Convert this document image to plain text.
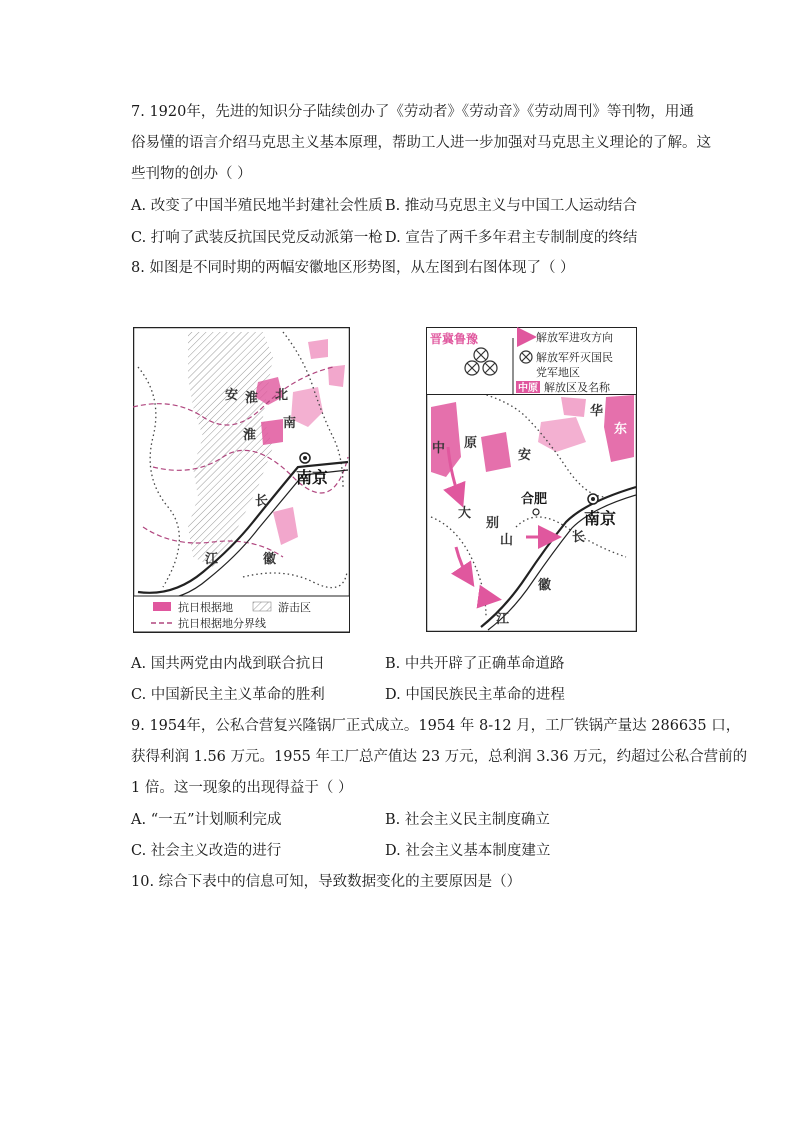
7. 1920年，先进的知识分子陆续创办了《劳动者》《劳动音》《劳动周刊》等刊物，用通
俗易懂的语言介绍马克思主义基本原理，帮助工人进一步加强对马克思主义理论的了解。这
些刊物的创办（ ）
A. 改变了中国半殖民地半封建社会性质 B. 推动马克思主义与中国工人运动结合
C. 打响了武装反抗国民党反动派第一枪 D. 宣告了两千多年君主专制制度的终结
8. 如图是不同时期的两幅安徽地区形势图，从左图到右图体现了（ ）
安 淮 北
南
淮
南京
长
江	徽
抗日根据地	游击区
抗日根据地分界线
晋冀鲁豫	解放军进攻方向
解放军歼灭国民
党军地区
中原 解放区及名称
中 原
安
华
东
合肥
南京
大
别
山	长
徽
江
A. 国共两党由内战到联合抗日	B. 中共开辟了正确革命道路
C. 中国新民主主义革命的胜利	D. 中国民族民主革命的进程
9. 1954年，公私合营复兴隆锅厂正式成立。1954 年 8-12 月，工厂铁锅产量达 286635 口，
获得利润 1.56 万元。1955 年工厂总产值达 23 万元，总利润 3.36 万元，约超过公私合营前的
1 倍。这一现象的出现得益于（ ）
A. “一五”计划顺利完成	B. 社会主义民主制度确立
C. 社会主义改造的进行	D. 社会主义基本制度建立
10. 综合下表中的信息可知，导致数据变化的主要原因是（）
